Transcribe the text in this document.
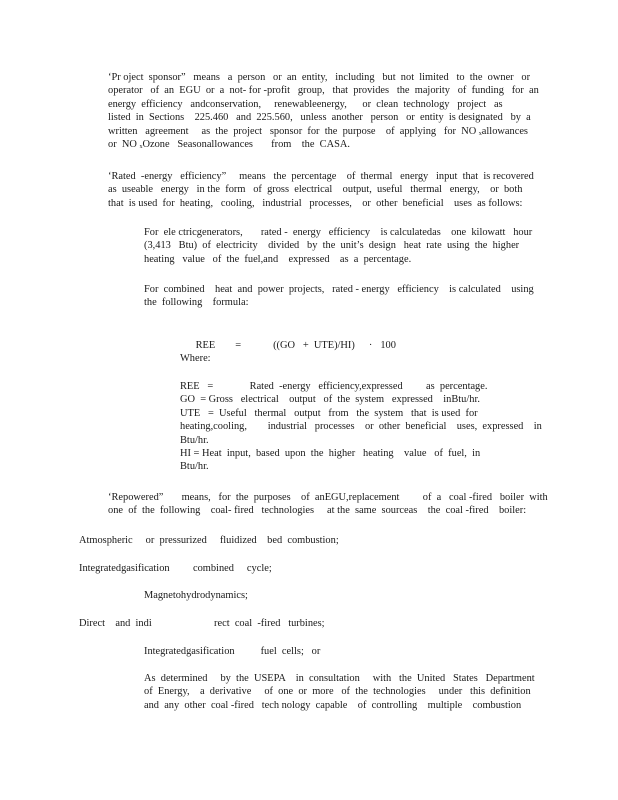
‘Pr oject  sponsor”   means   a  person   or  an  entity,   including   but  not  limited   to  the  owner   or
operator   of  an  EGU  or  a  not- for -profit   group,   that  provides   the  majority   of  funding   for  an
energy  efficiency   andconservation,     renewableenergy,      or  clean  technology   project   as
listed  in  Sections    225.460   and  225.560,   unless  another   person   or  entity  is designated   by  a
written   agreement     as  the  project   sponsor  for  the  purpose    of  applying   for  NO ₓallowances
or  NO ₓOzone   Seasonallowances       from    the  CASA.

‘Rated  -energy   efficiency”     means   the  percentage    of  thermal   energy   input  that  is recovered
as  useable   energy   in the  form   of  gross  electrical    output,  useful   thermal   energy,    or  both
that  is used  for  heating,   cooling,   industrial   processes,    or  other  beneficial    uses  as follows:

For  ele ctricgenerators,       rated -  energy   efficiency    is calculatedas    one  kilowatt   hour
(3,413   Btu)  of  electricity    divided   by  the  unit’s  design   heat  rate  using  the  higher
heating   value   of  the  fuel,and    expressed    as  a  percentage.

For  combined    heat  and  power  projects,   rated - energy   efficiency    is calculated    using
the  following    formula:

REE =	((GO   +  UTE)/HI) · 100

Where:

REE   =              Rated  -energy   efficiency,expressed         as  percentage.
GO  = Gross   electrical    output   of  the  system   expressed    inBtu/hr.
UTE   =  Useful   thermal   output   from   the  system   that  is used  for
heating,cooling,        industrial   processes    or  other  beneficial    uses,  expressed    in
Btu/hr.
HI = Heat  input,  based  upon  the  higher   heating    value   of  fuel,  in
Btu/hr.

‘Repowered”       means,   for  the  purposes    of  anEGU,replacement         of  a   coal -fired   boiler  with
one  of  the  following    coal- fired   technologies     at the  same  sourceas    the  coal -fired    boiler:

Atmospheric     or  pressurized     fluidized    bed  combustion;

Integratedgasification         combined     cycle;

Magnetohydrodynamics;

Direct    and  indi                        rect  coal  -fired   turbines;

Integratedgasification          fuel  cells;   or

As  determined     by  the  USEPA    in  consultation     with   the  United   States   Department
of  Energy,    a  derivative     of  one  or  more   of  the  technologies     under   this  definition
and  any  other  coal -fired   tech nology  capable    of  controlling    multiple    combustion
